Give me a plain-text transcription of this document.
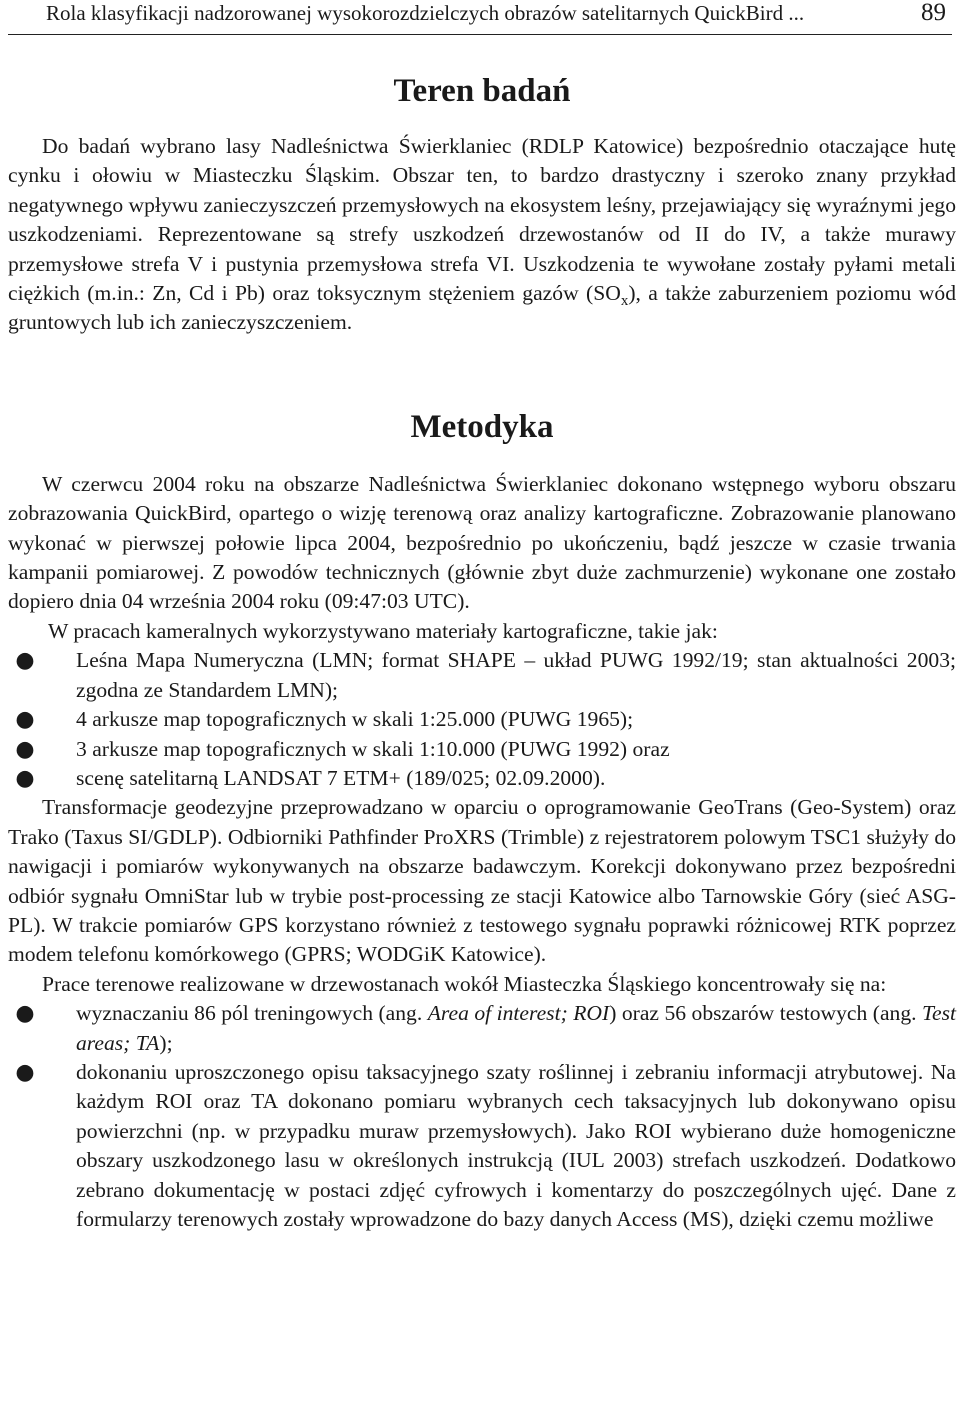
Rola klasyfikacji nadzorowanej wysokorozdzielczych obrazów satelitarnych QuickBird ...	89
Teren badań

Do badań wybrano lasy Nadleśnictwa Świerklaniec (RDLP Katowice) bezpośrednio otaczające hutę cynku i ołowiu w Miasteczku Śląskim. Obszar ten, to bardzo drastyczny i szeroko znany przykład negatywnego wpływu zanieczyszczeń przemysłowych na ekosystem leśny, przejawiający się wyraźnymi jego uszkodzeniami. Reprezentowane są strefy uszkodzeń drzewostanów od II do IV, a także murawy przemysłowe strefa V i pustynia przemysłowa strefa VI. Uszkodzenia te wywołane zostały pyłami metali ciężkich (m.in.: Zn, Cd i Pb) oraz toksycznym stężeniem gazów $(SO_x)$, a także zaburzeniem poziomu wód gruntowych lub ich zanieczyszczeniem.

Metodyka

W czerwcu 2004 roku na obszarze Nadleśnictwa Świerklaniec dokonano wstępnego wyboru obszaru zobrazowania QuickBird, opartego o wizję terenową oraz analizy kartograficzne. Zobrazowanie planowano wykonać w pierwszej połowie lipca 2004, bezpośrednio po ukończeniu, bądź jeszcze w czasie trwania kampanii pomiarowej. Z powodów technicznych (głównie zbyt duże zachmurzenie) wykonane one zostało dopiero dnia 04 września 2004 roku (09:47:03 UTC).

W pracach kameralnych wykorzystywano materiały kartograficzne, takie jak:

●	Leśna Mapa Numeryczna (LMN; format SHAPE – układ PUWG 1992/19; stan aktualności 2003; zgodna ze Standardem LMN);
●	4 arkusze map topograficznych w skali 1:25.000 (PUWG 1965);
●	3 arkusze map topograficznych w skali 1:10.000 (PUWG 1992) oraz
●	scenę satelitarną LANDSAT 7 ETM+ (189/025; 02.09.2000).

Transformacje geodezyjne przeprowadzano w oparciu o oprogramowanie GeoTrans (Geo-System) oraz Trako (Taxus SI/GDLP). Odbiorniki Pathfinder ProXRS (Trimble) z rejestratorem polowym TSC1 służyły do nawigacji i pomiarów wykonywanych na obszarze badawczym. Korekcji dokonywano przez bezpośredni odbiór sygnału OmniStar lub w trybie post-processing ze stacji Katowice albo Tarnowskie Góry (sieć ASG-PL). W trakcie pomiarów GPS korzystano również z testowego sygnału poprawki różnicowej RTK poprzez modem telefonu komórkowego (GPRS; WODGiK Katowice).

Prace terenowe realizowane w drzewostanach wokół Miasteczka Śląskiego koncentrowały się na:

●	wyznaczaniu 86 pól treningowych (ang. Area of interest; ROI) oraz 56 obszarów testowych (ang. Test areas; TA);
●	dokonaniu uproszczonego opisu taksacyjnego szaty roślinnej i zebraniu informacji atrybutowej. Na każdym ROI oraz TA dokonano pomiaru wybranych cech taksacyjnych lub dokonywano opisu powierzchni (np. w przypadku muraw przemysłowych). Jako ROI wybierano duże homogeniczne obszary uszkodzonego lasu w określonych instrukcją (IUL 2003) strefach uszkodzeń. Dodatkowo zebrano dokumentację w postaci zdjęć cyfrowych i komentarzy do poszczególnych ujęć. Dane z formularzy terenowych zostały wprowadzone do bazy danych Access (MS), dzięki czemu możliwe
